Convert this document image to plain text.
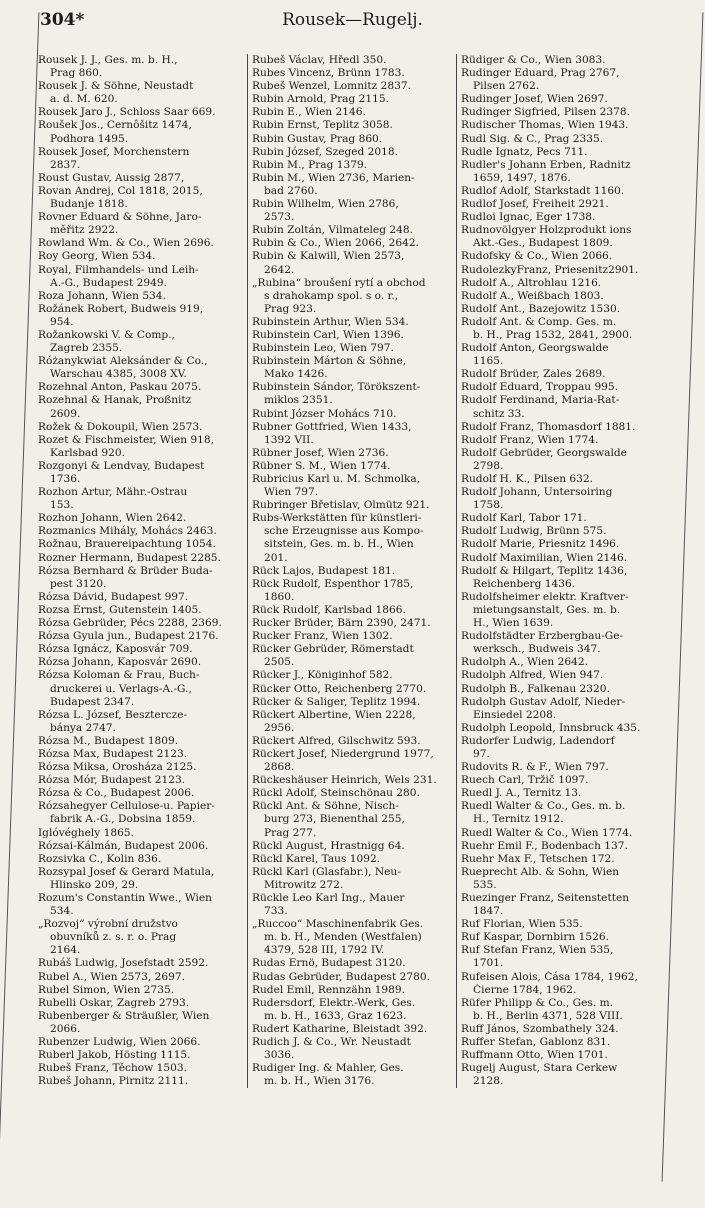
304*	Rousek—Rugelj.
Rousek J. J., Ges. m. b. H.,
Prag 860.
Rousek J. & Söhne, Neustadt
a. d. M. 620.
Rousek Jaro J., Schloss Saar 669.
Roušek Jos., Cernôšitz 1474,
Podhora 1495.
Rousek Josef, Morchenstern
2837.
Roust Gustav, Aussig 2877,
Rovan Andrej, Col 1818, 2015,
Budanje 1818.
Rovner Eduard & Söhne, Jaro-
měřitz 2922.
Rowland Wm. & Co., Wien 2696.
Roy Georg, Wien 534.
Royal, Filmhandels- und Leih-
A.-G., Budapest 2949.
Roza Johann, Wien 534.
Rožánek Robert, Budweis 919,
954.
Rožankowski V. & Comp.,
Zagreb 2355.
Różanykwiat Aleksánder & Co.,
Warschau 4385, 3008 XV.
Rozehnal Anton, Paskau 2075.
Rozehnal & Hanak, Proßnitz
2609.
Rožek & Dokoupil, Wien 2573.
Rozet & Fischmeister, Wien 918,
Karlsbad 920.
Rozgonyi & Lendvay, Budapest
1736.
Rozhon Artur, Mähr.-Ostrau
153.
Rozhon Johann, Wien 2642.
Rozmanics Mihály, Mohács 2463.
Rožnau, Brauereipachtung 1054.
Rozner Hermann, Budapest 2285.
Rózsa Bernhard & Brüder Buda-
pest 3120.
Rózsa Dávid, Budapest 997.
Rozsa Ernst, Gutenstein 1405.
Rózsa Gebrüder, Pécs 2288, 2369.
Rózsa Gyula jun., Budapest 2176.
Rózsa Ignácz, Kaposvár 709.
Rózsa Johann, Kaposvár 2690.
Rózsa Koloman & Frau, Buch-
druckerei u. Verlags-A.-G.,
Budapest 2347.
Rózsa L. József, Beszterczе-
bánya 2747.
Rózsa M., Budapest 1809.
Rózsa Max, Budapest 2123.
Rózsa Miksa, Orosháza 2125.
Rózsa Mór, Budapest 2123.
Rózsa & Co., Budapest 2006.
Rózsahegyer Cellulose-u. Papier-
fabrik A.-G., Dobsina 1859.
Iglóvéghely 1865.
Rózsai-Kálmán, Budapest 2006.
Rozsivka C., Kolin 836.
Rozsypal Josef & Gerard Matula,
Hlinsko 209, 29.
Rozum's Constantin Wwe., Wien
534.
„Rozvoj“ výrobní družstvo
obuvníků z. s. r. o. Prag
2164.
Rubáš Ludwig, Josefstadt 2592.
Rubel A., Wien 2573, 2697.
Rubel Simon, Wien 2735.
Rubelli Oskar, Zagreb 2793.
Rubenberger & Sträußler, Wien
2066.
Rubenzer Ludwig, Wien 2066.
Ruberl Jakob, Hösting 1115.
Rubeš Franz, Těchow 1503.
Rubeš Johann, Pirnitz 2111.
Rubeš Václav, Hředl 350.
Rubes Vincenz, Brünn 1783.
Rubeš Wenzel, Lomnitz 2837.
Rubin Arnold, Prag 2115.
Rubin E., Wien 2146.
Rubin Ernst, Teplitz 3058.
Rubin Gustav, Prag 860.
Rubin József, Szeged 2018.
Rubin M., Prag 1379.
Rubin M., Wien 2736, Marien-
bad 2760.
Rubin Wilhelm, Wien 2786,
2573.
Rubin Zoltán, Vilmateleg 248.
Rubin & Co., Wien 2066, 2642.
Rubin & Kalwill, Wien 2573,
2642.
„Rubina“ broušení rytí a obchod
s drahokamp spol. s o. r.,
Prag 923.
Rubinstein Arthur, Wien 534.
Rubinstein Carl, Wien 1396.
Rubinstein Leo, Wien 797.
Rubinstein Márton & Söhne,
Mako 1426.
Rubinstein Sándor, Törökszent-
miklos 2351.
Rubint Józser Mohács 710.
Rubner Gottfried, Wien 1433,
1392 VII.
Rübner Josef, Wien 2736.
Rübner S. M., Wien 1774.
Rubricius Karl u. M. Schmolka,
Wien 797.
Rubringer Břetislav, Olmütz 921.
Rubs-Werkstätten für künstleri-
sche Erzeugnisse aus Kompo-
sitstein, Ges. m. b. H., Wien
201.
Rück Lajos, Budapest 181.
Rück Rudolf, Espenthor 1785,
1860.
Rück Rudolf, Karlsbad 1866.
Rucker Brüder, Bärn 2390, 2471.
Rucker Franz, Wien 1302.
Rücker Gebrüder, Römerstadt
2505.
Rücker J., Königinhof 582.
Rücker Otto, Reichenberg 2770.
Rücker & Saliger, Teplitz 1994.
Rückert Albertine, Wien 2228,
2956.
Rückert Alfred, Gilschwitz 593.
Rückert Josef, Niedergrund 1977,
2868.
Rückeshäuser Heinrich, Wels 231.
Rückl Adolf, Steinschönau 280.
Rückl Ant. & Söhne, Nisch-
burg 273, Bienenthal 255,
Prag 277.
Rückl August, Hrastnigg 64.
Rückl Karel, Taus 1092.
Rückl Karl (Glasfabr.), Neu-
Mitrowitz 272.
Rückle Leo Karl Ing., Mauer
733.
„Ruccoo“ Maschinenfabrik Ges.
m. b. H., Menden (Westfalen)
4379, 528 III, 1792 IV.
Rudas Ernö, Budapest 3120.
Rudas Gebrüder, Budapest 2780.
Rudel Emil, Rennzähn 1989.
Rudersdorf, Elektr.-Werk, Ges.
m. b. H., 1633, Graz 1623.
Rudert Katharine, Bleistadt 392.
Rudich J. & Co., Wr. Neustadt
3036.
Rudiger Ing. & Mahler, Ges.
m. b. H., Wien 3176.
Rüdiger & Co., Wien 3083.
Rudinger Eduard, Prag 2767,
Pilsen 2762.
Rudinger Josef, Wien 2697.
Rudinger Sigfried, Pilsen 2378.
Rudischer Thomas, Wien 1943.
Rudl Sig. & C., Prag 2335.
Rudle Ignatz, Pecs 711.
Rudler's Johann Erben, Radnitz
1659, 1497, 1876.
Rudlof Adolf, Starkstadt 1160.
Rudlof Josef, Freiheit 2921.
Rudloi Ignac, Eger 1738.
Rudnovölgyer Holzprodukt ions
Akt.-Ges., Budapest 1809.
Rudofsky & Co., Wien 2066.
RudolezkyFranz, Priesenitz2901.
Rudolf A., Altrohlau 1216.
Rudolf A., Weißbach 1803.
Rudolf Ant., Bazejowitz 1530.
Rudolf Ant. & Comp. Ges. m.
b. H., Prag 1532, 2841, 2900.
Rudolf Anton, Georgswalde
1165.
Rudolf Brüder, Zales 2689.
Rudolf Eduard, Troppau 995.
Rudolf Ferdinand, Maria-Rat-
schitz 33.
Rudolf Franz, Thomasdorf 1881.
Rudolf Franz, Wien 1774.
Rudolf Gebrüder, Georgswalde
2798.
Rudolf H. K., Pilsen 632.
Rudolf Johann, Untersoiring
1758.
Rudolf Karl, Tabor 171.
Rudolf Ludwig, Brünn 575.
Rudolf Marie, Priesnitz 1496.
Rudolf Maximilian, Wien 2146.
Rudolf & Hilgart, Teplitz 1436,
Reichenberg 1436.
Rudolfsheimer elektr. Kraftver-
mietungsanstalt, Ges. m. b.
H., Wien 1639.
Rudolfstädter Erzbergbau-Ge-
werksch., Budweis 347.
Rudolph A., Wien 2642.
Rudolph Alfred, Wien 947.
Rudolph B., Falkenau 2320.
Rudolph Gustav Adolf, Nieder-
Einsiedel 2208.
Rudolph Leopold, Innsbruck 435.
Rudorfer Ludwig, Ladendorf
97.
Rudovits R. & F., Wien 797.
Ruech Carl, Tržič 1097.
Ruedl J. A., Ternitz 13.
Ruedl Walter & Co., Ges. m. b.
H., Ternitz 1912.
Ruedl Walter & Co., Wien 1774.
Ruehr Emil F., Bodenbach 137.
Ruehr Max F., Tetschen 172.
Rueprecht Alb. & Sohn, Wien
535.
Ruezinger Franz, Seitenstetten
1847.
Ruf Florian, Wien 535.
Ruf Kaspar, Dornbirn 1526.
Ruf Stefan Franz, Wien 535,
1701.
Rufeisen Alois, Čása 1784, 1962,
Čierne 1784, 1962.
Rüfer Philipp & Co., Ges. m.
b. H., Berlin 4371, 528 VIII.
Ruff János, Szombathely 324.
Ruffer Stefan, Gablonz 831.
Ruffmann Otto, Wien 1701.
Rugelj August, Stara Cerkew
2128.
